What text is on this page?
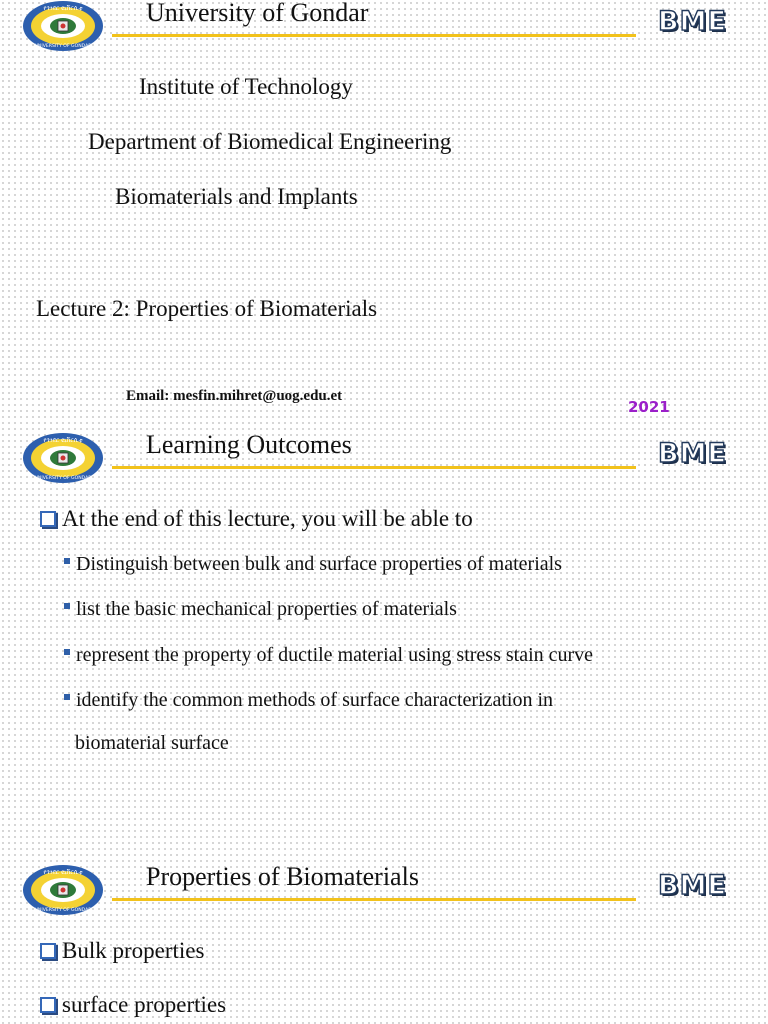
የጎንደር ዩኒቨርሲቲ
UNIVERSITY OF GONDAR
University of Gondar	BME
Institute of Technology
Department of Biomedical Engineering
Biomaterials and Implants
Lecture 2: Properties of Biomaterials
Email: mesfin.mihret@uog.edu.et
2021
የጎንደር ዩኒቨርሲቲ
UNIVERSITY OF GONDAR
Learning Outcomes	BME
At the end of this lecture, you will be able to
Distinguish between bulk and surface properties of materials
list the basic mechanical properties of materials
represent the property of ductile material using stress stain curve
identify the common methods of surface characterization in
biomaterial surface
የጎንደር ዩኒቨርሲቲ
UNIVERSITY OF GONDAR
Properties of Biomaterials	BME
Bulk properties
surface properties
